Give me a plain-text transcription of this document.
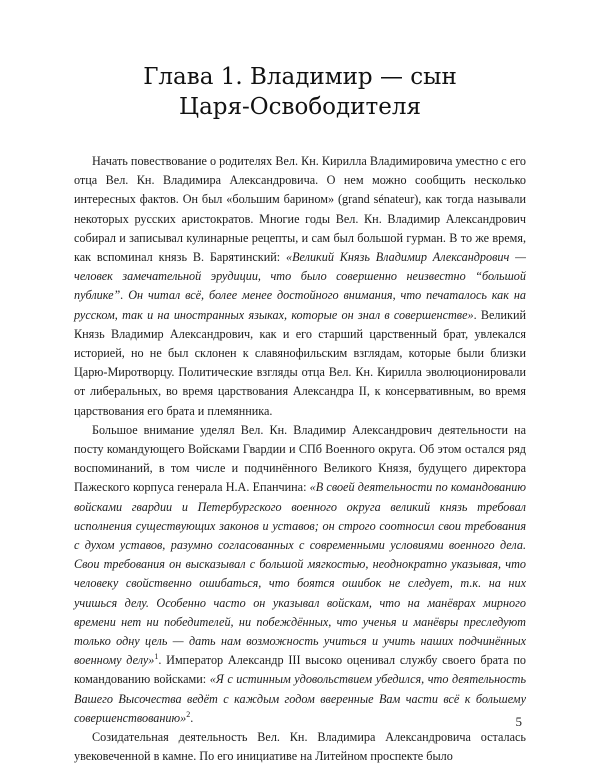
Глава 1. Владимир — сын
Царя-Освободителя

Начать повествование о родителях Вел. Кн. Кирилла Владимировича уместно с его отца Вел. Кн. Владимира Александровича. О нем можно сообщить несколько интересных фактов. Он был «большим барином» (grand sénateur), как тогда называли некоторых русских аристократов. Многие годы Вел. Кн. Владимир Александрович собирал и записывал кулинарные рецепты, и сам был большой гурман. В то же время, как вспоминал князь В. Барятинский: «Великий Князь Владимир Александрович — человек замечательной эрудиции, что было совершенно неизвестно “большой публике”. Он читал всё, более менее достойного внимания, что печаталось как на русском, так и на иностранных языках, которые он знал в совершенстве». Великий Князь Владимир Александрович, как и его старший царственный брат, увлекался историей, но не был склонен к славянофильским взглядам, которые были близки Царю-Миротворцу. Политические взгляды отца Вел. Кн. Кирилла эволюционировали от либеральных, во время царствования Александра II, к консервативным, во время царствования его брата и племянника.

Большое внимание уделял Вел. Кн. Владимир Александрович деятельности на посту командующего Войсками Гвардии и СПб Военного округа. Об этом остался ряд воспоминаний, в том числе и подчинённого Великого Князя, будущего директора Пажеского корпуса генерала Н.А. Епанчина: «В своей деятельности по командованию войсками гвардии и Петербургского военного округа великий князь требовал исполнения существующих законов и уставов; он строго соотносил свои требования с духом уставов, разумно согласованных с современными условиями военного дела. Свои требования он высказывал с большой мягкостью, неоднократно указывая, что человеку свойственно ошибаться, что боятся ошибок не следует, т.к. на них учишься делу. Особенно часто он указывал войскам, что на манёврах мирного времени нет ни победителей, ни побеждённых, что ученья и манёвры преследуют только одну цель — дать нам возможность учиться и учить наших подчинённых военному делу»$^1$. Император Александр III высоко оценивал службу своего брата по командованию войсками: «Я с истинным удовольствием убедился, что деятельность Вашего Высочества ведёт с каждым годом вверенные Вам части всё к большему совершенствованию»$^2$.

Созидательная деятельность Вел. Кн. Владимира Александровича осталась увековеченной в камне. По его инициативе на Литейном проспекте было

5
